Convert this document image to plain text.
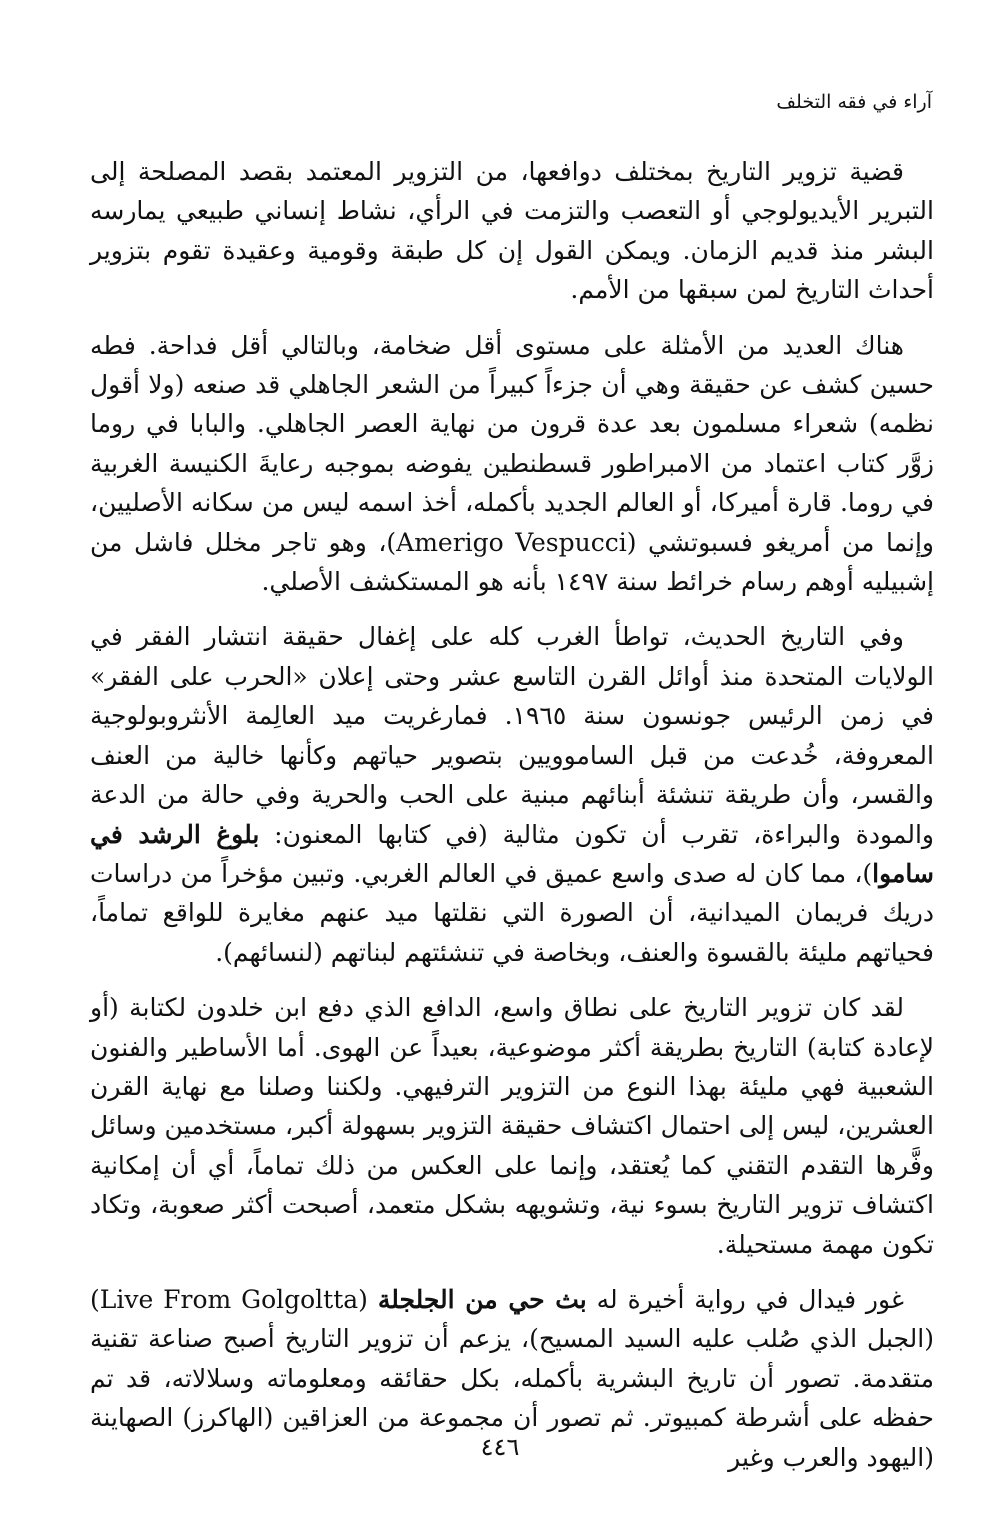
آراء في فقه التخلف

قضية تزوير التاريخ بمختلف دوافعها، من التزوير المعتمد بقصد المصلحة إلى التبرير الأيديولوجي أو التعصب والتزمت في الرأي، نشاط إنساني طبيعي يمارسه البشر منذ قديم الزمان. ويمكن القول إن كل طبقة وقومية وعقيدة تقوم بتزوير أحداث التاريخ لمن سبقها من الأمم.

هناك العديد من الأمثلة على مستوى أقل ضخامة، وبالتالي أقل فداحة. فطه حسين كشف عن حقيقة وهي أن جزءاً كبيراً من الشعر الجاهلي قد صنعه (ولا أقول نظمه) شعراء مسلمون بعد عدة قرون من نهاية العصر الجاهلي. والبابا في روما زوَّر كتاب اعتماد من الامبراطور قسطنطين يفوضه بموجبه رعايةَ الكنيسة الغربية في روما. قارة أميركا، أو العالم الجديد بأكمله، أخذ اسمه ليس من سكانه الأصليين، وإنما من أمريغو فسبوتشي (Amerigo Vespucci)، وهو تاجر مخلل فاشل من إشبيليه أوهم رسام خرائط سنة ١٤٩٧ بأنه هو المستكشف الأصلي.

وفي التاريخ الحديث، تواطأ الغرب كله على إغفال حقيقة انتشار الفقر في الولايات المتحدة منذ أوائل القرن التاسع عشر وحتى إعلان «الحرب على الفقر» في زمن الرئيس جونسون سنة ١٩٦٥. فمارغريت ميد العالِمة الأنثروبولوجية المعروفة، خُدعت من قبل الساموويين بتصوير حياتهم وكأنها خالية من العنف والقسر، وأن طريقة تنشئة أبنائهم مبنية على الحب والحرية وفي حالة من الدعة والمودة والبراءة، تقرب أن تكون مثالية (في كتابها المعنون: بلوغ الرشد في ساموا)، مما كان له صدى واسع عميق في العالم الغربي. وتبين مؤخراً من دراسات دريك فريمان الميدانية، أن الصورة التي نقلتها ميد عنهم مغايرة للواقع تماماً، فحياتهم مليئة بالقسوة والعنف، وبخاصة في تنشئتهم لبناتهم (لنسائهم).

لقد كان تزوير التاريخ على نطاق واسع، الدافع الذي دفع ابن خلدون لكتابة (أو لإعادة كتابة) التاريخ بطريقة أكثر موضوعية، بعيداً عن الهوى. أما الأساطير والفنون الشعبية فهي مليئة بهذا النوع من التزوير الترفيهي. ولكننا وصلنا مع نهاية القرن العشرين، ليس إلى احتمال اكتشاف حقيقة التزوير بسهولة أكبر، مستخدمين وسائل وفَّرها التقدم التقني كما يُعتقد، وإنما على العكس من ذلك تماماً، أي أن إمكانية اكتشاف تزوير التاريخ بسوء نية، وتشويهه بشكل متعمد، أصبحت أكثر صعوبة، وتكاد تكون مهمة مستحيلة.

غور فيدال في رواية أخيرة له بث حي من الجلجلة (Live From Golgoltta) (الجبل الذي صُلب عليه السيد المسيح)، يزعم أن تزوير التاريخ أصبح صناعة تقنية متقدمة. تصور أن تاريخ البشرية بأكمله، بكل حقائقه ومعلوماته وسلالاته، قد تم حفظه على أشرطة كمبيوتر. ثم تصور أن مجموعة من العزاقين (الهاكرز) الصهاينة (اليهود والعرب وغير

٤٤٦
